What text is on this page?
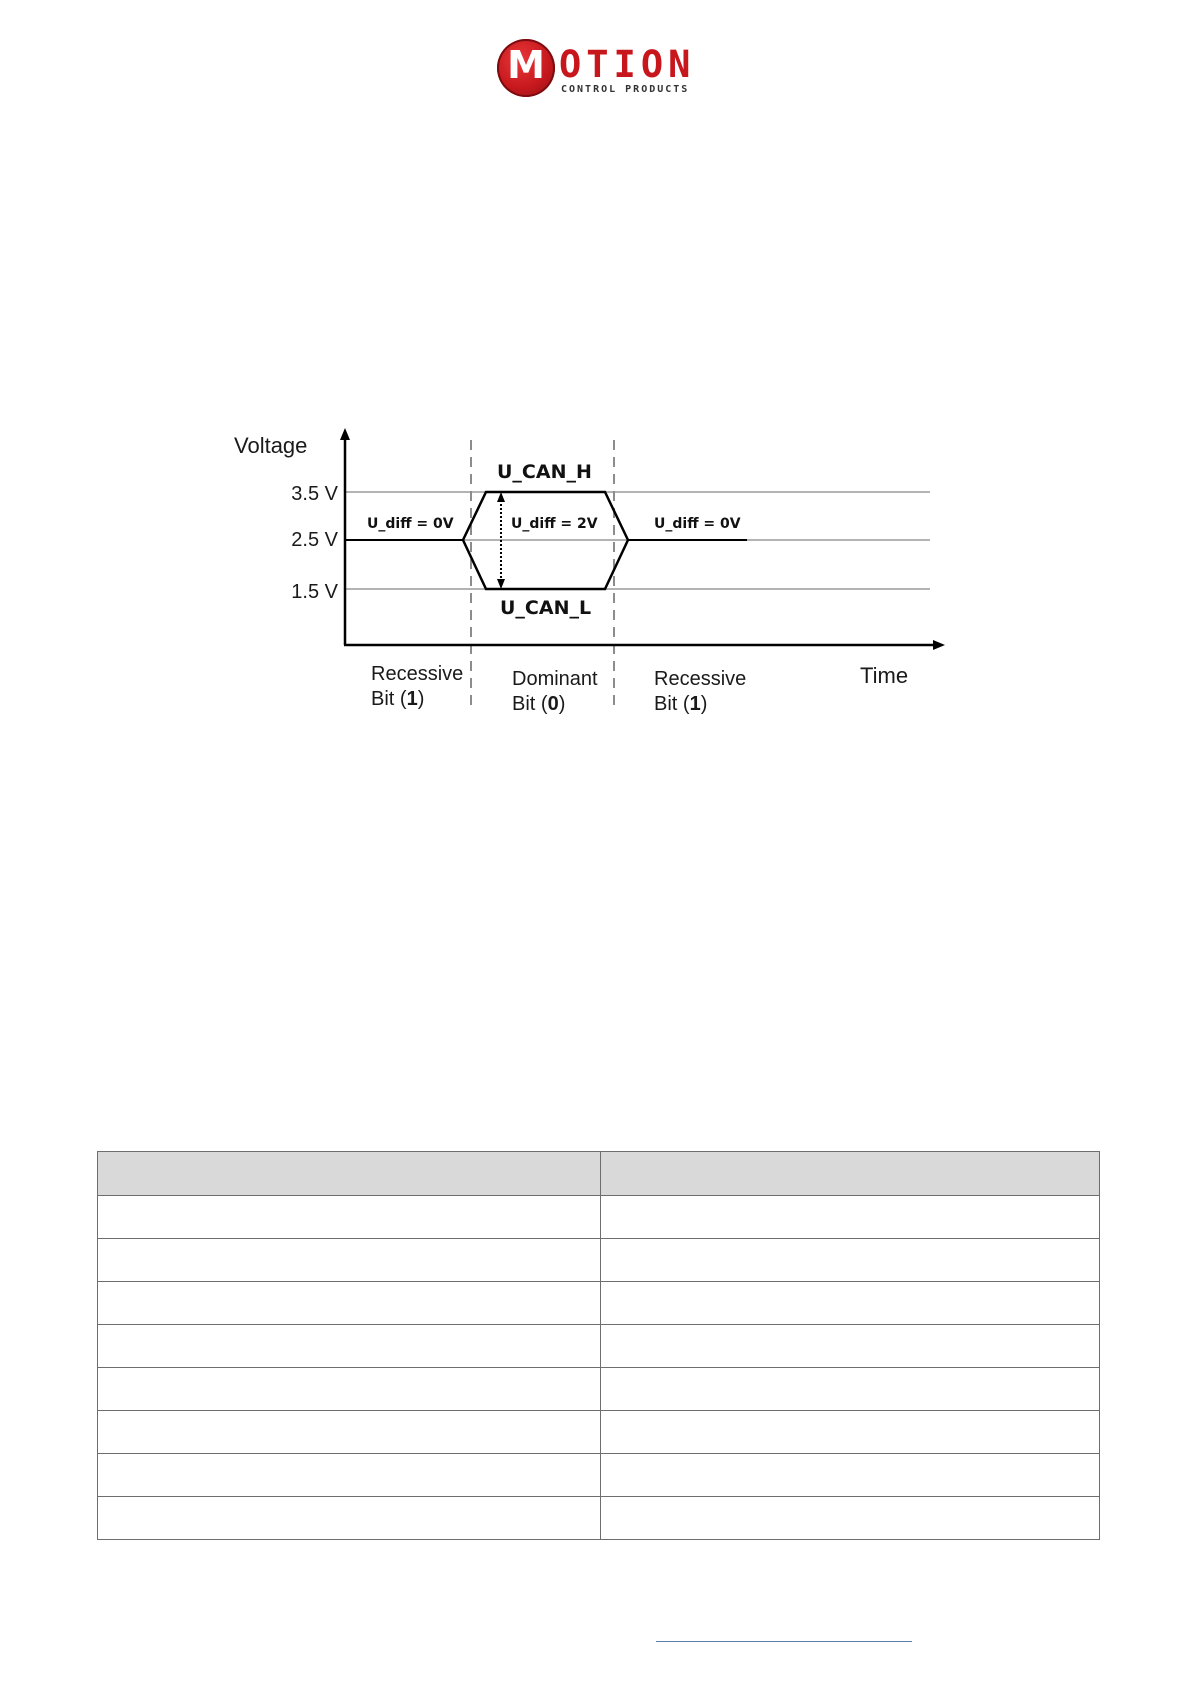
M OTION
CONTROL PRODUCTS
Voltage
3.5 V
2.5 V
1.5 V
Time
U_CAN_H
U_CAN_L
U_diff = 0V	U_diff = 2V	U_diff = 0V
Recessive
Bit (1)
Dominant
Bit (0)
Recessive
Bit (1)
